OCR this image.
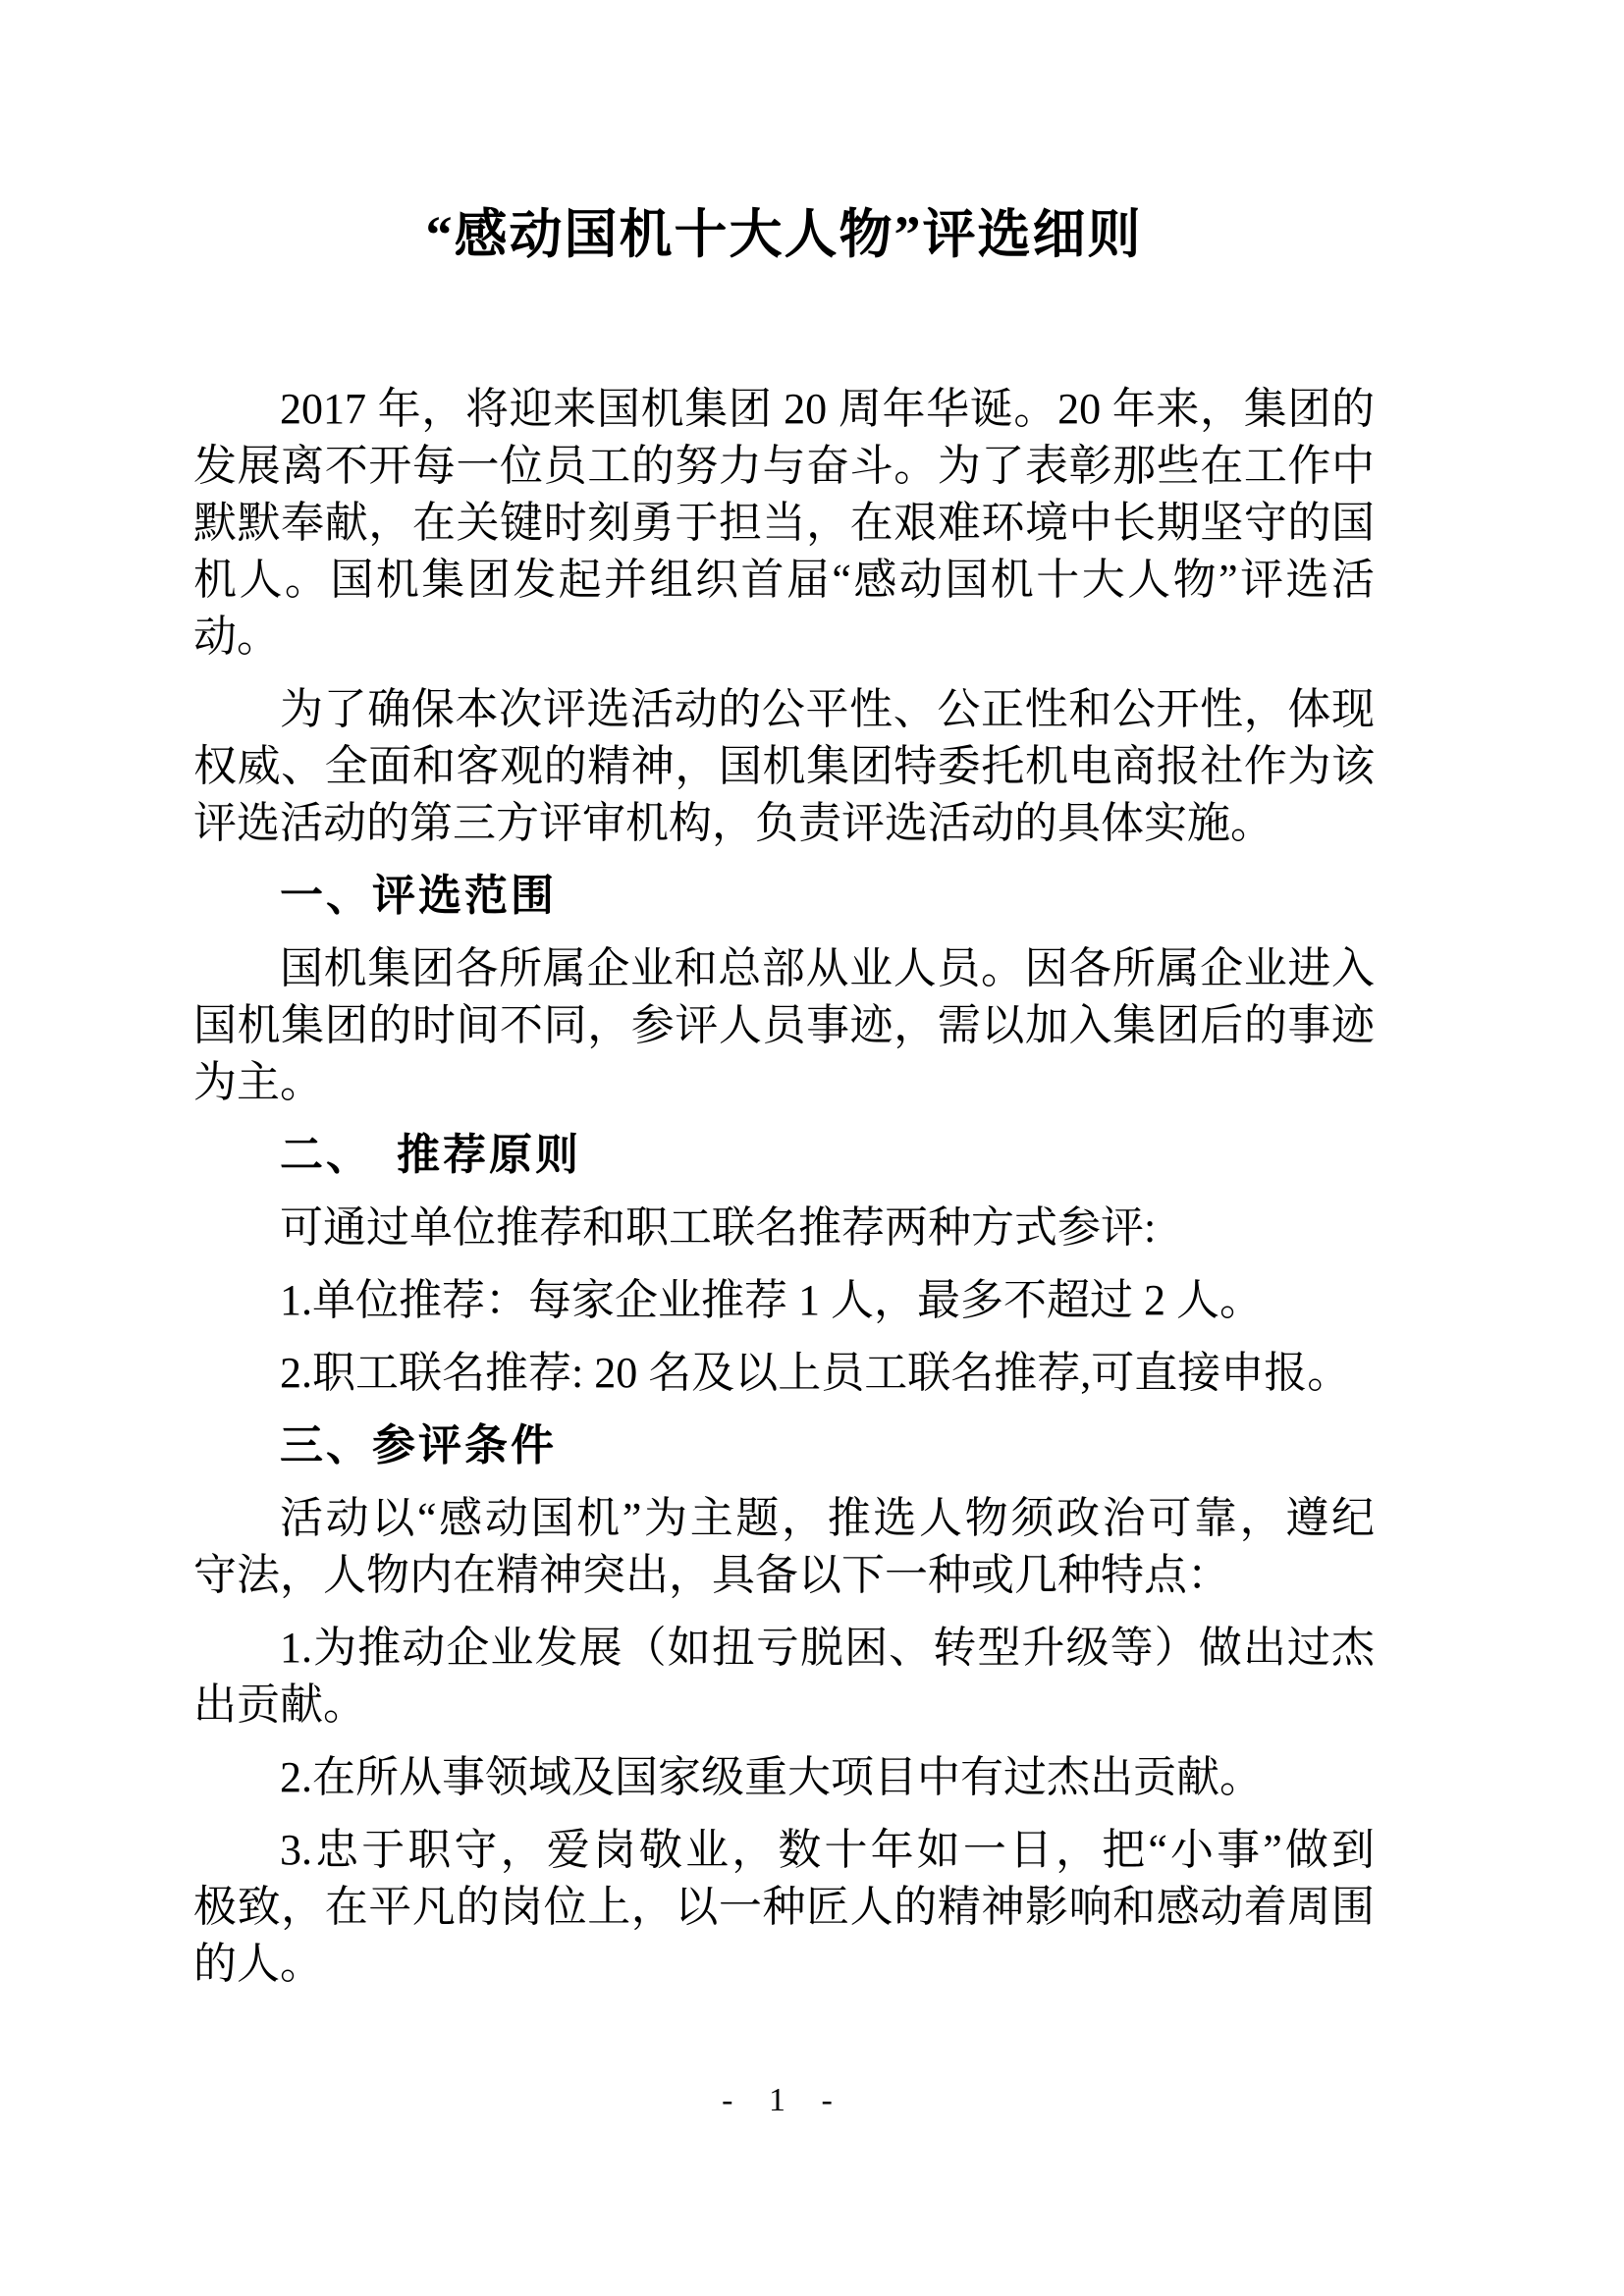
“感动国机十大人物”评选细则
2017 年，将迎来国机集团 20 周年华诞。20 年来，集团的
发展离不开每一位员工的努力与奋斗。为了表彰那些在工作中
默默奉献，在关键时刻勇于担当，在艰难环境中长期坚守的国
机人。国机集团发起并组织首届“感动国机十大人物”评选活
动。
为了确保本次评选活动的公平性、公正性和公开性，体现
权威、全面和客观的精神，国机集团特委托机电商报社作为该
评选活动的第三方评审机构，负责评选活动的具体实施。
一、评选范围
国机集团各所属企业和总部从业人员。因各所属企业进入
国机集团的时间不同，参评人员事迹，需以加入集团后的事迹
为主。
二、　推荐原则
可通过单位推荐和职工联名推荐两种方式参评:
1.单位推荐：每家企业推荐 1 人，最多不超过 2 人。
2.职工联名推荐: 20 名及以上员工联名推荐,可直接申报。
三、参评条件
活动以“感动国机”为主题，推选人物须政治可靠，遵纪
守法，人物内在精神突出，具备以下一种或几种特点：
1.为推动企业发展（如扭亏脱困、转型升级等）做出过杰
出贡献。
2.在所从事领域及国家级重大项目中有过杰出贡献。
3.忠于职守，爱岗敬业，数十年如一日，把“小事”做到
极致，在平凡的岗位上，以一种匠人的精神影响和感动着周围
的人。
- 1 -
